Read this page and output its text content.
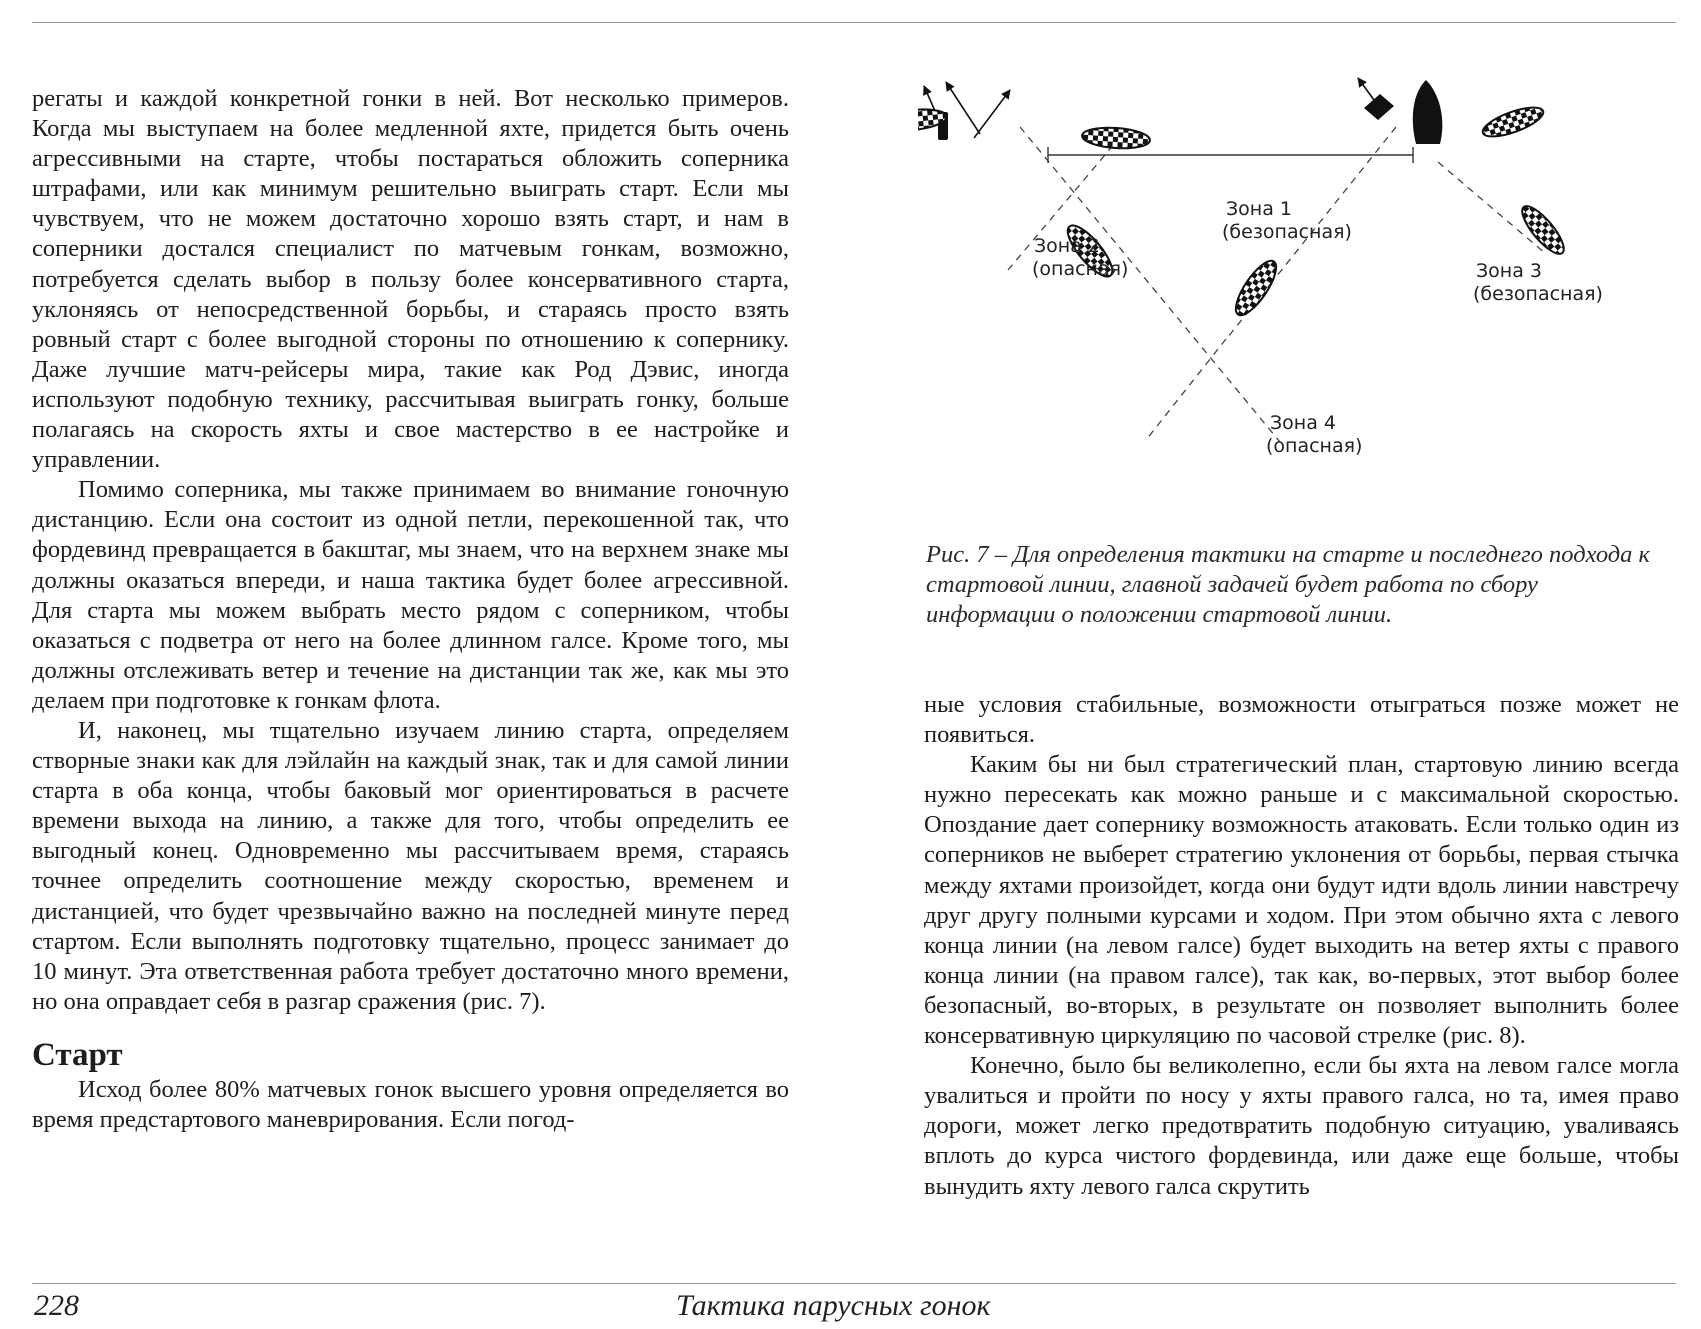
регаты и каждой конкретной гонки в ней. Вот несколько примеров. Когда мы выступаем на более медленной яхте, придется быть очень агрессивными на старте, чтобы постараться обложить соперника штрафами, или как минимум решительно выиграть старт. Если мы чувствуем, что не можем достаточно хорошо взять старт, и нам в соперники достался специалист по матчевым гонкам, возможно, потребуется сделать выбор в пользу более консервативного старта, уклоняясь от непосредственной борьбы, и стараясь просто взять ровный старт с более выгодной стороны по отношению к сопернику. Даже лучшие матч-рейсеры мира, такие как Род Дэвис, иногда используют подобную технику, рассчитывая выиграть гонку, больше полагаясь на скорость яхты и свое мастерство в ее настройке и управлении.

Помимо соперника, мы также принимаем во внимание гоночную дистанцию. Если она состоит из одной петли, перекошенной так, что фордевинд превращается в бакштаг, мы знаем, что на верхнем знаке мы должны оказаться впереди, и наша тактика будет более агрессивной. Для старта мы можем выбрать место рядом с соперником, чтобы оказаться с подветра от него на более длинном галсе. Кроме того, мы должны отслеживать ветер и течение на дистанции так же, как мы это делаем при подготовке к гонкам флота.

И, наконец, мы тщательно изучаем линию старта, определяем створные знаки как для лэйлайн на каждый знак, так и для самой линии старта в оба конца, чтобы баковый мог ориентироваться в расчете времени выхода на линию, а также для того, чтобы определить ее выгодный конец. Одновременно мы рассчитываем время, стараясь точнее определить соотношение между скоростью, временем и дистанцией, что будет чрезвычайно важно на последней минуте перед стартом. Если выполнять подготовку тщательно, процесс занимает до 10 минут. Эта ответственная работа требует достаточно много времени, но она оправдает себя в разгар сражения (рис. 7).

Старт

Исход более 80% матчевых гонок высшего уровня определяется во время предстартового маневрирования. Если погод-

Зона 1
(безопасная)
Зона 2
(опасная)	Зона 3
(безопасная)
Зона 4
(опасная)
Рис. 7 – Для определения тактики на старте и последнего подхода к стартовой линии, главной задачей будет работа по сбору информации о положении стартовой линии.

ные условия стабильные, возможности отыграться позже может не появиться.

Каким бы ни был стратегический план, стартовую линию всегда нужно пересекать как можно раньше и с максимальной скоростью. Опоздание дает сопернику возможность атаковать. Если только один из соперников не выберет стратегию уклонения от борьбы, первая стычка между яхтами произойдет, когда они будут идти вдоль линии навстречу друг другу полными курсами и ходом. При этом обычно яхта с левого конца линии (на левом галсе) будет выходить на ветер яхты с правого конца линии (на правом галсе), так как, во-первых, этот выбор более безопасный, во-вторых, в результате он позволяет выполнить более консервативную циркуляцию по часовой стрелке (рис. 8).

Конечно, было бы великолепно, если бы яхта на левом галсе могла увалиться и пройти по носу у яхты правого галса, но та, имея право дороги, может легко предотвратить подобную ситуацию, уваливаясь вплоть до курса чистого фордевинда, или даже еще больше, чтобы вынудить яхту левого галса скрутить

228	Тактика парусных гонок
